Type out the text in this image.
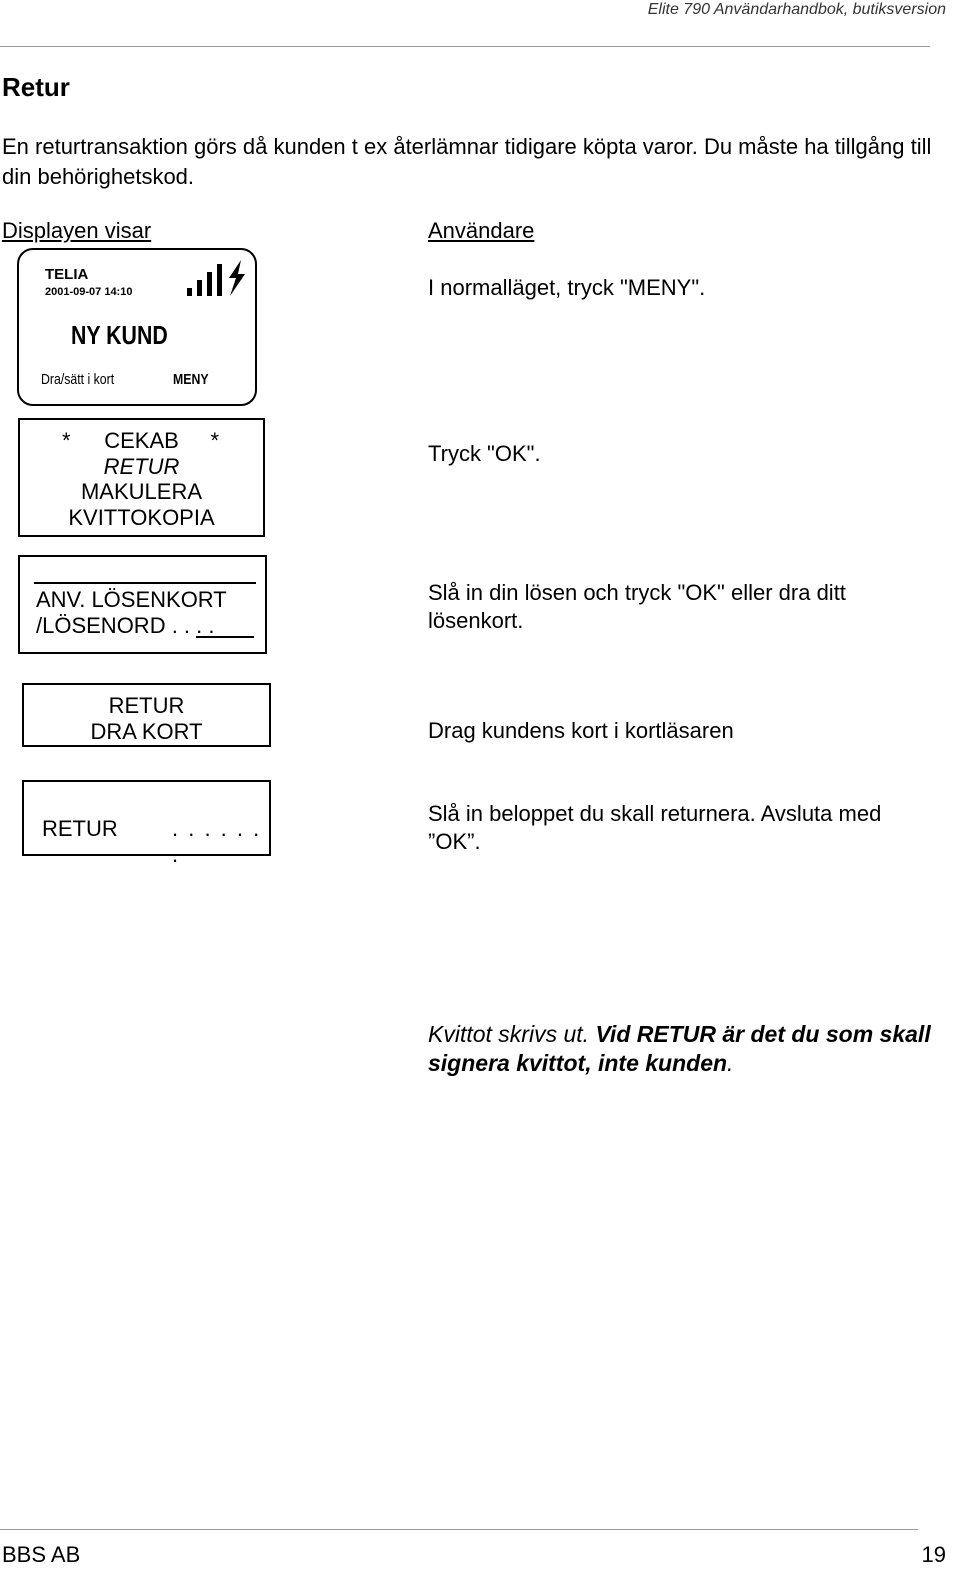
Elite 790 Användarhandbok, butiksversion
Retur
En returtransaktion görs då kunden t ex återlämnar tidigare köpta varor. Du måste ha tillgång till din behörighetskod.
Displayen visar	Användare
TELIA
2001-09-07 14:10
NY KUND
Dra/sätt i kort	MENY
I normalläget, tryck "MENY".
* CEKAB *
RETUR
MAKULERA
KVITTOKOPIA
Tryck "OK".
ANV. LÖSENKORT
/LÖSENORD . . . .
Slå in din lösen och tryck "OK" eller dra ditt lösenkort.
RETUR
DRA KORT	Drag kundens kort i kortläsaren
RETUR . . . . . . .
Slå in beloppet du skall returnera. Avsluta med ”OK”.
Kvittot skrivs ut. Vid RETUR är det du som skall signera kvittot, inte kunden.
BBS AB	19
